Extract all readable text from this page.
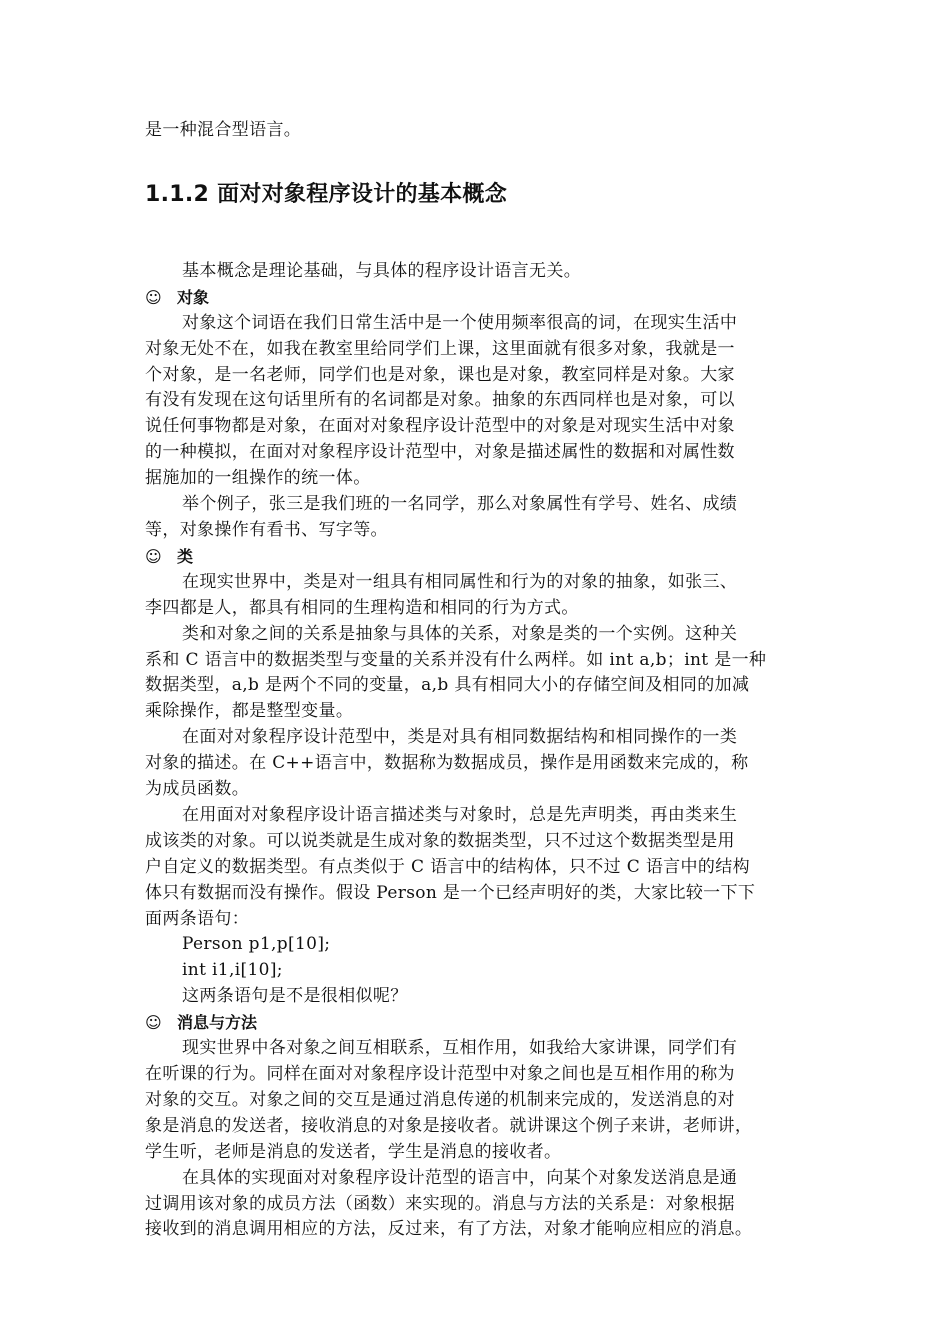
是一种混合型语言。
1.1.2 面对对象程序设计的基本概念
基本概念是理论基础，与具体的程序设计语言无关。
☺ 对象
对象这个词语在我们日常生活中是一个使用频率很高的词，在现实生活中
对象无处不在，如我在教室里给同学们上课，这里面就有很多对象，我就是一
个对象，是一名老师，同学们也是对象，课也是对象，教室同样是对象。大家
有没有发现在这句话里所有的名词都是对象。抽象的东西同样也是对象，可以
说任何事物都是对象，在面对对象程序设计范型中的对象是对现实生活中对象
的一种模拟，在面对对象程序设计范型中，对象是描述属性的数据和对属性数
据施加的一组操作的统一体。
举个例子，张三是我们班的一名同学，那么对象属性有学号、姓名、成绩
等，对象操作有看书、写字等。
☺ 类
在现实世界中，类是对一组具有相同属性和行为的对象的抽象，如张三、
李四都是人，都具有相同的生理构造和相同的行为方式。
类和对象之间的关系是抽象与具体的关系，对象是类的一个实例。这种关
系和 C 语言中的数据类型与变量的关系并没有什么两样。如 int a,b；int 是一种
数据类型，a,b 是两个不同的变量，a,b 具有相同大小的存储空间及相同的加减
乘除操作，都是整型变量。
在面对对象程序设计范型中，类是对具有相同数据结构和相同操作的一类
对象的描述。在 C++语言中，数据称为数据成员，操作是用函数来完成的，称
为成员函数。
在用面对对象程序设计语言描述类与对象时，总是先声明类，再由类来生
成该类的对象。可以说类就是生成对象的数据类型，只不过这个数据类型是用
户自定义的数据类型。有点类似于 C 语言中的结构体，只不过 C 语言中的结构
体只有数据而没有操作。假设 Person 是一个已经声明好的类，大家比较一下下
面两条语句：
Person p1,p[10];
int i1,i[10];
这两条语句是不是很相似呢？
☺ 消息与方法
现实世界中各对象之间互相联系，互相作用，如我给大家讲课，同学们有
在听课的行为。同样在面对对象程序设计范型中对象之间也是互相作用的称为
对象的交互。对象之间的交互是通过消息传递的机制来完成的，发送消息的对
象是消息的发送者，接收消息的对象是接收者。就讲课这个例子来讲，老师讲，
学生听，老师是消息的发送者，学生是消息的接收者。
在具体的实现面对对象程序设计范型的语言中，向某个对象发送消息是通
过调用该对象的成员方法（函数）来实现的。消息与方法的关系是：对象根据
接收到的消息调用相应的方法，反过来，有了方法，对象才能响应相应的消息。
